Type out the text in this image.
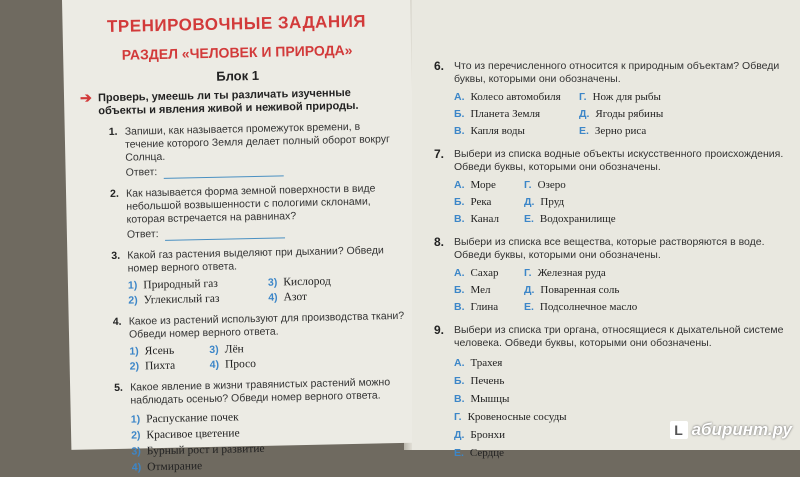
ТРЕНИРОВОЧНЫЕ ЗАДАНИЯ
РАЗДЕЛ «ЧЕЛОВЕК И ПРИРОДА»
Блок 1
➔ Проверь, умеешь ли ты различать изученные объекты и явления живой и неживой природы.
1. Запиши, как называется промежуток времени, в течение которого Земля делает полный оборот вокруг Солнца.
Ответ:
2. Как называется форма земной поверхности в виде небольшой возвышенности с пологими склонами, которая встречается на равнинах?
Ответ:
3. Какой газ растения выделяют при дыхании? Обведи номер верного ответа.
1) Природный газ	3) Кислород
2) Углекислый газ	4) Азот
4. Какое из растений используют для производства ткани? Обведи номер верного ответа.
1) Ясень	3) Лён
2) Пихта	4) Просо
5. Какое явление в жизни травянистых растений можно наблюдать осенью? Обведи номер верного ответа.
1) Распускание почек
2) Красивое цветение
3) Бурный рост и развитие
4) Отмирание
6. Что из перечисленного относится к природным объектам? Обведи буквы, которыми они обозначены.
А. Колесо автомобиля	Г. Нож для рыбы
Б. Планета Земля	Д. Ягоды рябины
В. Капля воды	Е. Зерно риса
7. Выбери из списка водные объекты искусственного происхождения. Обведи буквы, которыми они обозначены.
А. Море	Г. Озеро
Б. Река	Д. Пруд
В. Канал	Е. Водохранилище
8. Выбери из списка все вещества, которые растворяются в воде. Обведи буквы, которыми они обозначены.
А. Сахар	Г. Железная руда
Б. Мел	Д. Поваренная соль
В. Глина	Е. Подсолнечное масло
9. Выбери из списка три органа, относящиеся к дыхательной системе человека. Обведи буквы, которыми они обозначены.
А. Трахея
Б. Печень
В. Мышцы
Г. Кровеносные сосуды
Д. Бронхи
Е. Сердце
L абиринт.ру
